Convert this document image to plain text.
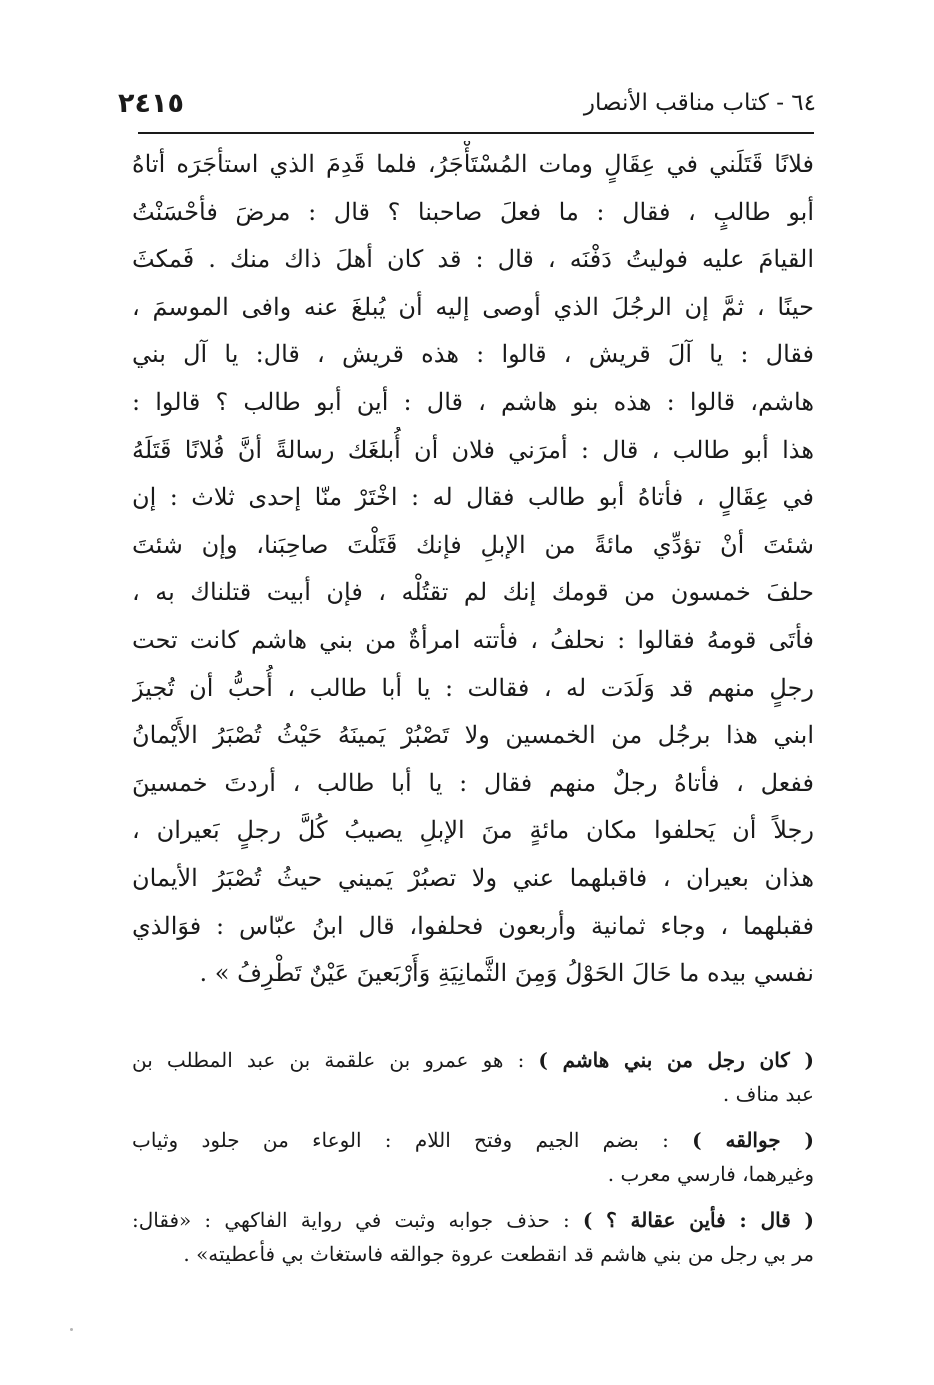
٢٤١٥	٦٤ - كتاب مناقب الأنصار
فلانًا قَتَلَني في عِقَالٍ ومات المُسْتَأْجَرُ، فلما قَدِمَ الذي استأجَرَه أتاهُ
أبو طالبٍ ، فقال : ما فعلَ صاحبنا ؟ قال : مرضَ فأحْسَنْتُ
القيامَ عليه فوليتُ دَفْنَه ، قال : قد كان أهلَ ذاك منك . فَمكثَ
حينًا ، ثمَّ إن الرجُلَ الذي أوصى إليه أن يُبلغَ عنه وافى الموسمَ ،
فقال : يا آلَ قريش ، قالوا : هذه قريش ، قال: يا آل بني
هاشم، قالوا : هذه بنو هاشم ، قال : أين أبو طالب ؟ قالوا :
هذا أبو طالب ، قال : أمرَني فلان أن أُبلغَك رسالةً أنَّ فُلانًا قَتَلَهُ
في عِقَالٍ ، فأتاهُ أبو طالب فقال له : اخْتَرْ منّا إحدى ثلاث : إن
شئتَ أنْ تؤدِّي مائةً من الإبلِ فإنك قَتَلْتَ صاحِبَنا، وإن شئتَ
حلفَ خمسون من قومك إنك لم تقتُلْه ، فإن أبيت قتلناك به ،
فأتَى قومهُ فقالوا : نحلفُ ، فأتته امرأةٌ من بني هاشم كانت تحت
رجلٍ منهم قد وَلَدَت له ، فقالت : يا أبا طالب ، أُحبُّ أن تُجيزَ
ابني هذا برجُل من الخمسين ولا تَصْبُرْ يَمينَهُ حَيْثُ تُصْبَرُ الأَيْمانُ
ففعل ، فأتاهُ رجلٌ منهم فقال : يا أبا طالب ، أردتَ خمسينَ
رجلاً أن يَحلفوا مكان مائةٍ منَ الإبلِ يصيبُ كُلَّ رجلٍ بَعيران ،
هذان بعيران ، فاقبلهما عني ولا تصبُرْ يَميني حيثُ تُصْبَرُ الأيمان
فقبلهما ، وجاء ثمانية وأربعون فحلفوا، قال ابنُ عبّاس : فوَالذي
نفسي بيده ما حَالَ الحَوْلُ وَمِنَ الثَّمانِيَةِ وَأَرْبَعينَ عَيْنٌ تَطْرِفُ » .
( كان رجل من بني هاشم ) : هو عمرو بن علقمة بن عبد المطلب بن
عبد مناف .
( جوالقه ) : بضم الجيم وفتح اللام : الوعاء من جلود وثياب
وغيرهما، فارسي معرب .
( قال : فأين عقالة ؟ ) : حذف جوابه وثبت في رواية الفاكهي : «فقال:
مر بي رجل من بني هاشم قد انقطعت عروة جوالقه فاستغاث بي فأعطيته» .
